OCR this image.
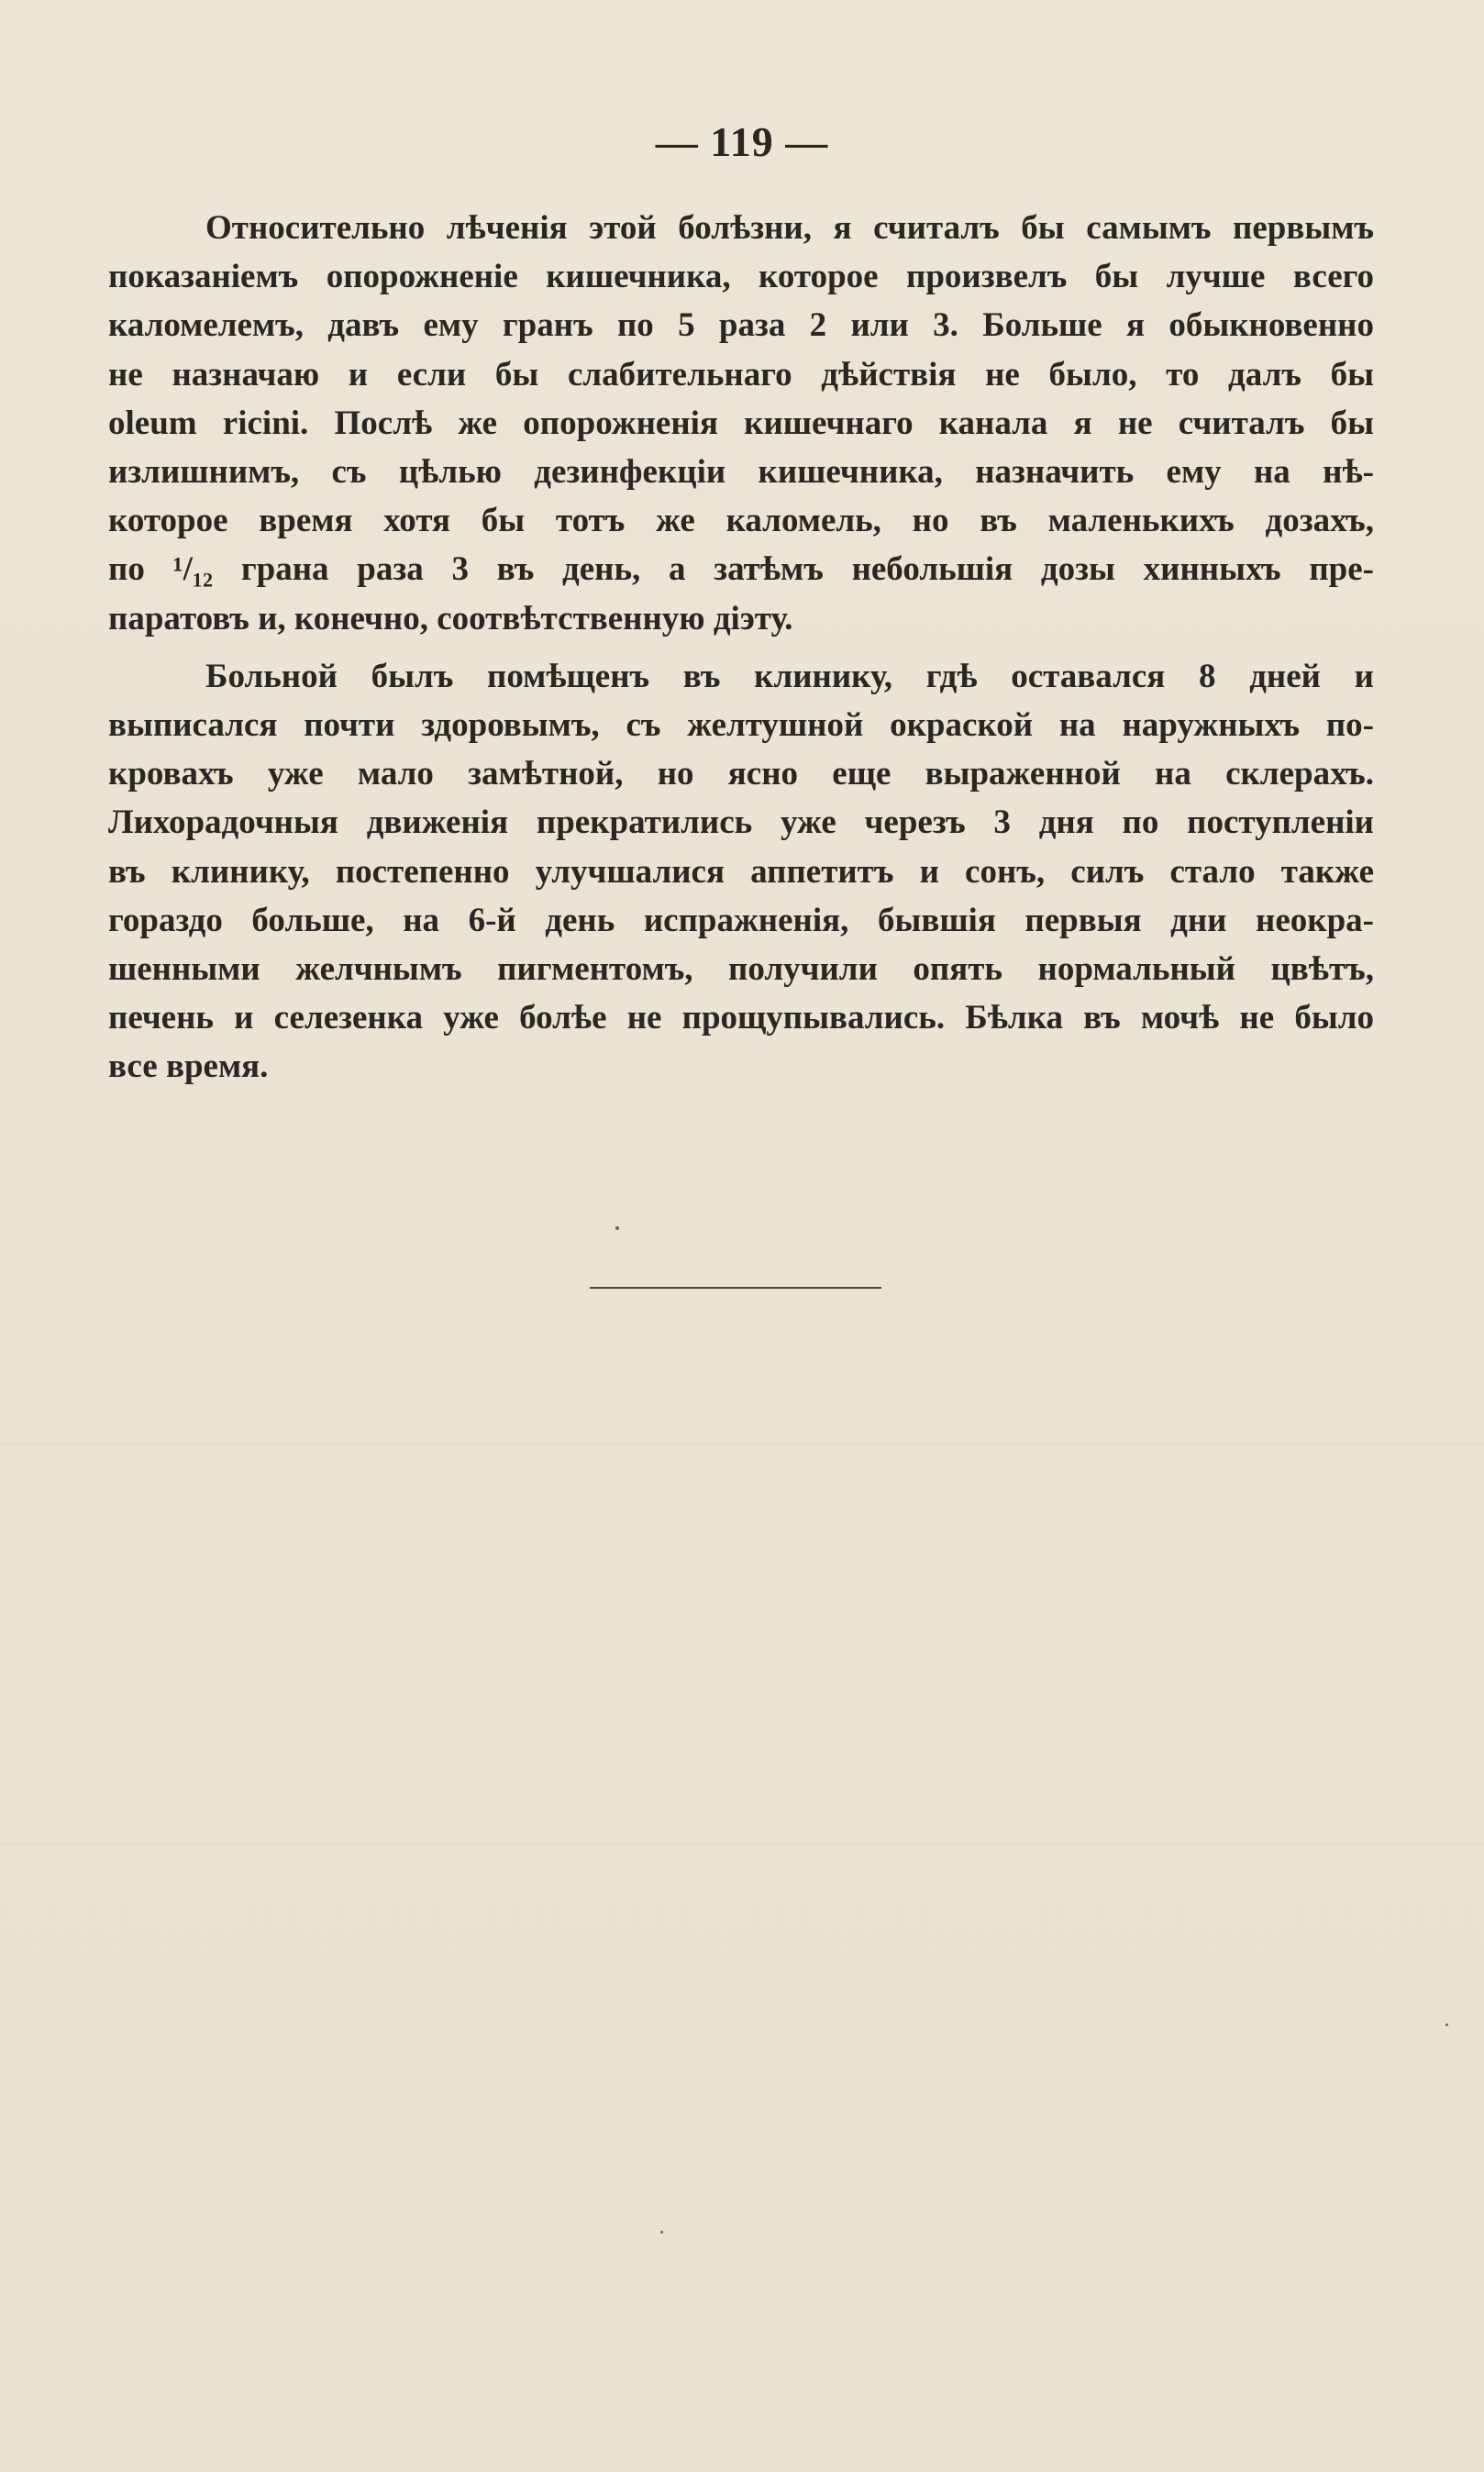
— 119 —

Относительно лѣченія этой болѣзни, я считалъ бы самымъ первымъ
показаніемъ опорожненіе кишечника, которое произвелъ бы лучше всего
каломелемъ, давъ ему гранъ по 5 раза 2 или 3. Больше я обыкновенно
не назначаю и если бы слабительнаго дѣйствія не было, то далъ бы
oleum ricini. Послѣ же опорожненія кишечнаго канала я не считалъ бы
излишнимъ, съ цѣлью дезинфекціи кишечника, назначить ему на нѣ-
которое время хотя бы тотъ же каломель, но въ маленькихъ дозахъ,
по ¹/₁₂ грана раза 3 въ день, а затѣмъ небольшія дозы хинныхъ пре-
паратовъ и, конечно, соотвѣтственную діэту.

Больной былъ помѣщенъ въ клинику, гдѣ оставался 8 дней и
выписался почти здоровымъ, съ желтушной окраской на наружныхъ по-
кровахъ уже мало замѣтной, но ясно еще выраженной на склерахъ.
Лихорадочныя движенія прекратились уже черезъ 3 дня по поступленіи
въ клинику, постепенно улучшалися аппетитъ и сонъ, силъ стало также
гораздо больше, на 6-й день испражненія, бывшія первыя дни неокра-
шенными желчнымъ пигментомъ, получили опять нормальный цвѣтъ,
печень и селезенка уже болѣе не прощупывались. Бѣлка въ мочѣ не было
все время.
